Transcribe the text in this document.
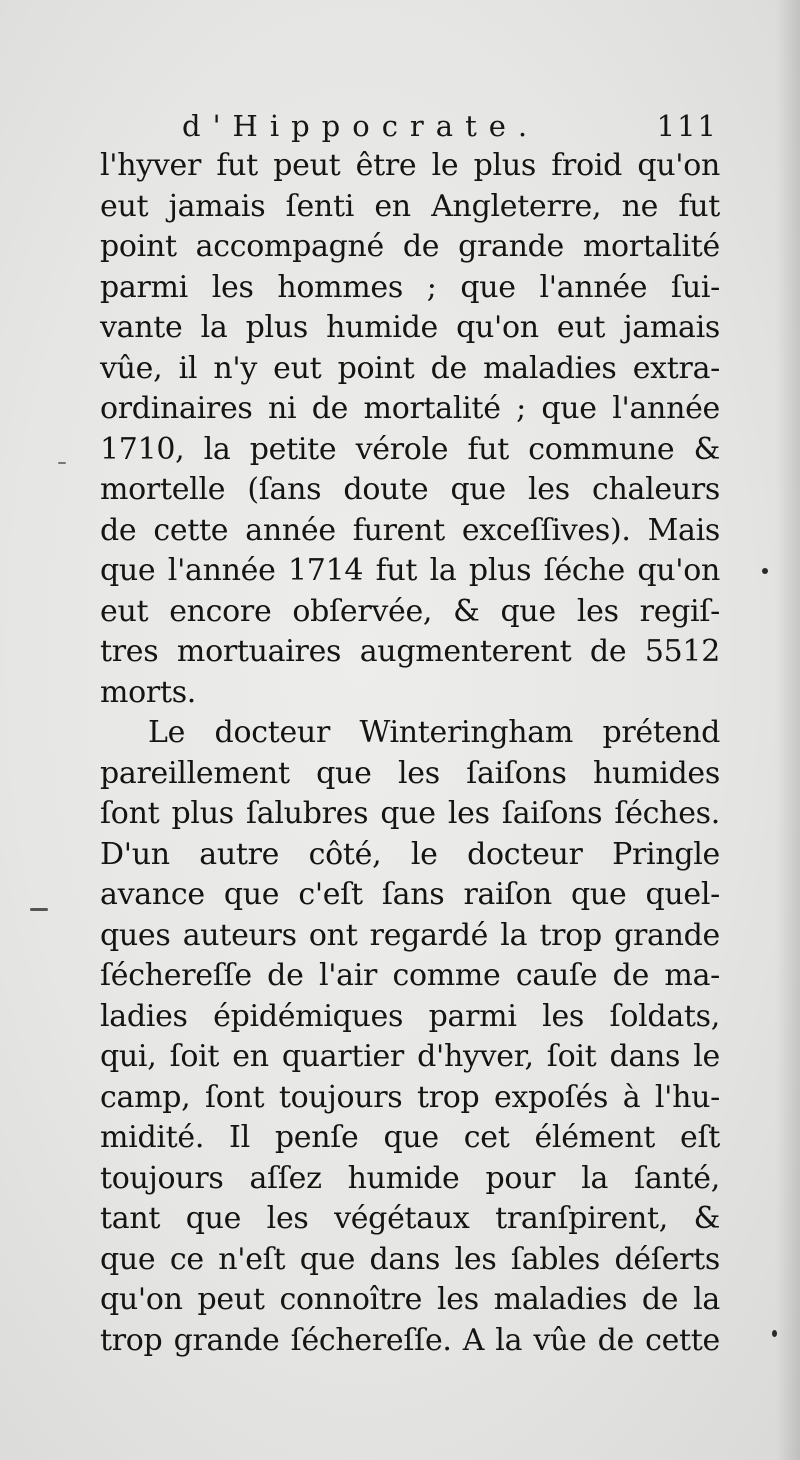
d'Hippocrate.	111
l'hyver fut peut être le plus froid qu'on
eut jamais ſenti en Angleterre, ne fut
point accompagné de grande mortalité
parmi les hommes ; que l'année ſui-
vante la plus humide qu'on eut jamais
vûe, il n'y eut point de maladies extra-
ordinaires ni de mortalité ; que l'année
1710, la petite vérole fut commune &
mortelle (ſans doute que les chaleurs
de cette année furent exceſſives). Mais
que l'année 1714 fut la plus ſéche qu'on
eut encore obſervée, & que les regiſ-
tres mortuaires augmenterent de 5512
morts.
Le docteur Winteringham prétend
pareillement que les ſaiſons humides
ſont plus ſalubres que les ſaiſons ſéches.
D'un autre côté, le docteur Pringle
avance que c'eſt ſans raiſon que quel-
ques auteurs ont regardé la trop grande
ſéchereſſe de l'air comme cauſe de ma-
ladies épidémiques parmi les ſoldats,
qui, ſoit en quartier d'hyver, ſoit dans le
camp, ſont toujours trop expoſés à l'hu-
midité. Il penſe que cet élément eſt
toujours aſſez humide pour la ſanté,
tant que les végétaux tranſpirent, &
que ce n'eſt que dans les ſables déſerts
qu'on peut connoître les maladies de la
trop grande ſéchereſſe. A la vûe de cette
